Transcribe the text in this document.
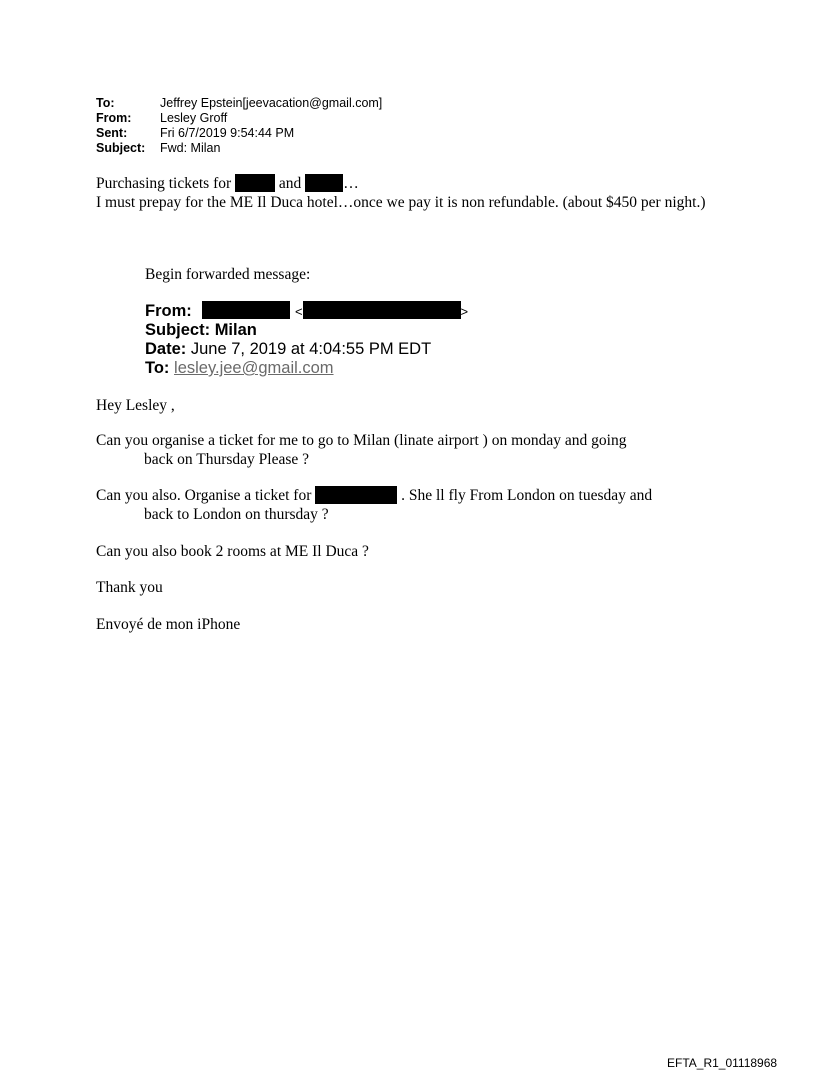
To:	Jeffrey Epstein[jeevacation@gmail.com]
From:	Lesley Groff
Sent:	Fri 6/7/2019 9:54:44 PM
Subject:	Fwd: Milan
Purchasing tickets for	and	…
I must prepay for the ME Il Duca hotel…once we pay it is non refundable. (about $450 per night.)
Begin forwarded message:
From:	<	>
Subject: Milan
Date: June 7, 2019 at 4:04:55 PM EDT
To: lesley.jee@gmail.com
Hey Lesley ,
Can you organise a ticket for me to go to Milan (linate airport ) on monday and going
back on Thursday Please ?
Can you also. Organise a ticket for	. She ll fly From London on tuesday and
back to London on thursday ?
Can you also book 2 rooms at ME Il Duca ?
Thank you
Envoyé de mon iPhone
EFTA_R1_01118968
